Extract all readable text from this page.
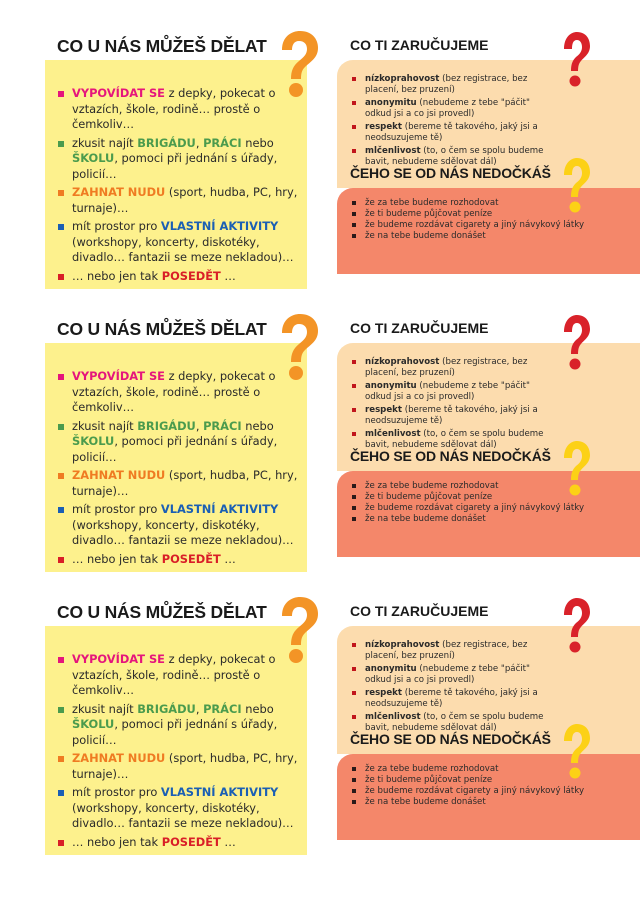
CO U NÁS MŮŽEŠ DĚLAT
VYPOVÍDAT SE z depky, pokecat o vztazích, škole, rodině… prostě o čemkoliv…
zkusit najít BRIGÁDU, PRÁCI nebo ŠKOLU, pomoci při jednání s úřady, policií…
ZAHNAT NUDU (sport, hudba, PC, hry, turnaje)…
mít prostor pro VLASTNÍ AKTIVITY (workshopy, koncerty, diskotéky, divadlo… fantazii se meze nekladou)…
… nebo jen tak POSEDĚT …
CO TI ZARUČUJEME
nízkoprahovost (bez registrace, bez placení, bez pruzení)
anonymitu (nebudeme z tebe "páčit" odkud jsi a co jsi provedl)
respekt (bereme tě takového, jaký jsi a neodsuzujeme tě)
mlčenlivost (to, o čem se spolu budeme bavit, nebudeme sdělovat dál)
ČEHO SE OD NÁS NEDOČKÁŠ
že za tebe budeme rozhodovat
že ti budeme půjčovat peníze
že budeme rozdávat cigarety a jiný návykový látky
že na tebe budeme donášet
CO U NÁS MŮŽEŠ DĚLAT
VYPOVÍDAT SE z depky, pokecat o vztazích, škole, rodině… prostě o čemkoliv…
zkusit najít BRIGÁDU, PRÁCI nebo ŠKOLU, pomoci při jednání s úřady, policií…
ZAHNAT NUDU (sport, hudba, PC, hry, turnaje)…
mít prostor pro VLASTNÍ AKTIVITY (workshopy, koncerty, diskotéky, divadlo… fantazii se meze nekladou)…
… nebo jen tak POSEDĚT …
CO TI ZARUČUJEME
nízkoprahovost (bez registrace, bez placení, bez pruzení)
anonymitu (nebudeme z tebe "páčit" odkud jsi a co jsi provedl)
respekt (bereme tě takového, jaký jsi a neodsuzujeme tě)
mlčenlivost (to, o čem se spolu budeme bavit, nebudeme sdělovat dál)
ČEHO SE OD NÁS NEDOČKÁŠ
že za tebe budeme rozhodovat
že ti budeme půjčovat peníze
že budeme rozdávat cigarety a jiný návykový látky
že na tebe budeme donášet
CO U NÁS MŮŽEŠ DĚLAT
VYPOVÍDAT SE z depky, pokecat o vztazích, škole, rodině… prostě o čemkoliv…
zkusit najít BRIGÁDU, PRÁCI nebo ŠKOLU, pomoci při jednání s úřady, policií…
ZAHNAT NUDU (sport, hudba, PC, hry, turnaje)…
mít prostor pro VLASTNÍ AKTIVITY (workshopy, koncerty, diskotéky, divadlo… fantazii se meze nekladou)…
… nebo jen tak POSEDĚT …
CO TI ZARUČUJEME
nízkoprahovost (bez registrace, bez placení, bez pruzení)
anonymitu (nebudeme z tebe "páčit" odkud jsi a co jsi provedl)
respekt (bereme tě takového, jaký jsi a neodsuzujeme tě)
mlčenlivost (to, o čem se spolu budeme bavit, nebudeme sdělovat dál)
ČEHO SE OD NÁS NEDOČKÁŠ
že za tebe budeme rozhodovat
že ti budeme půjčovat peníze
že budeme rozdávat cigarety a jiný návykový látky
že na tebe budeme donášet
